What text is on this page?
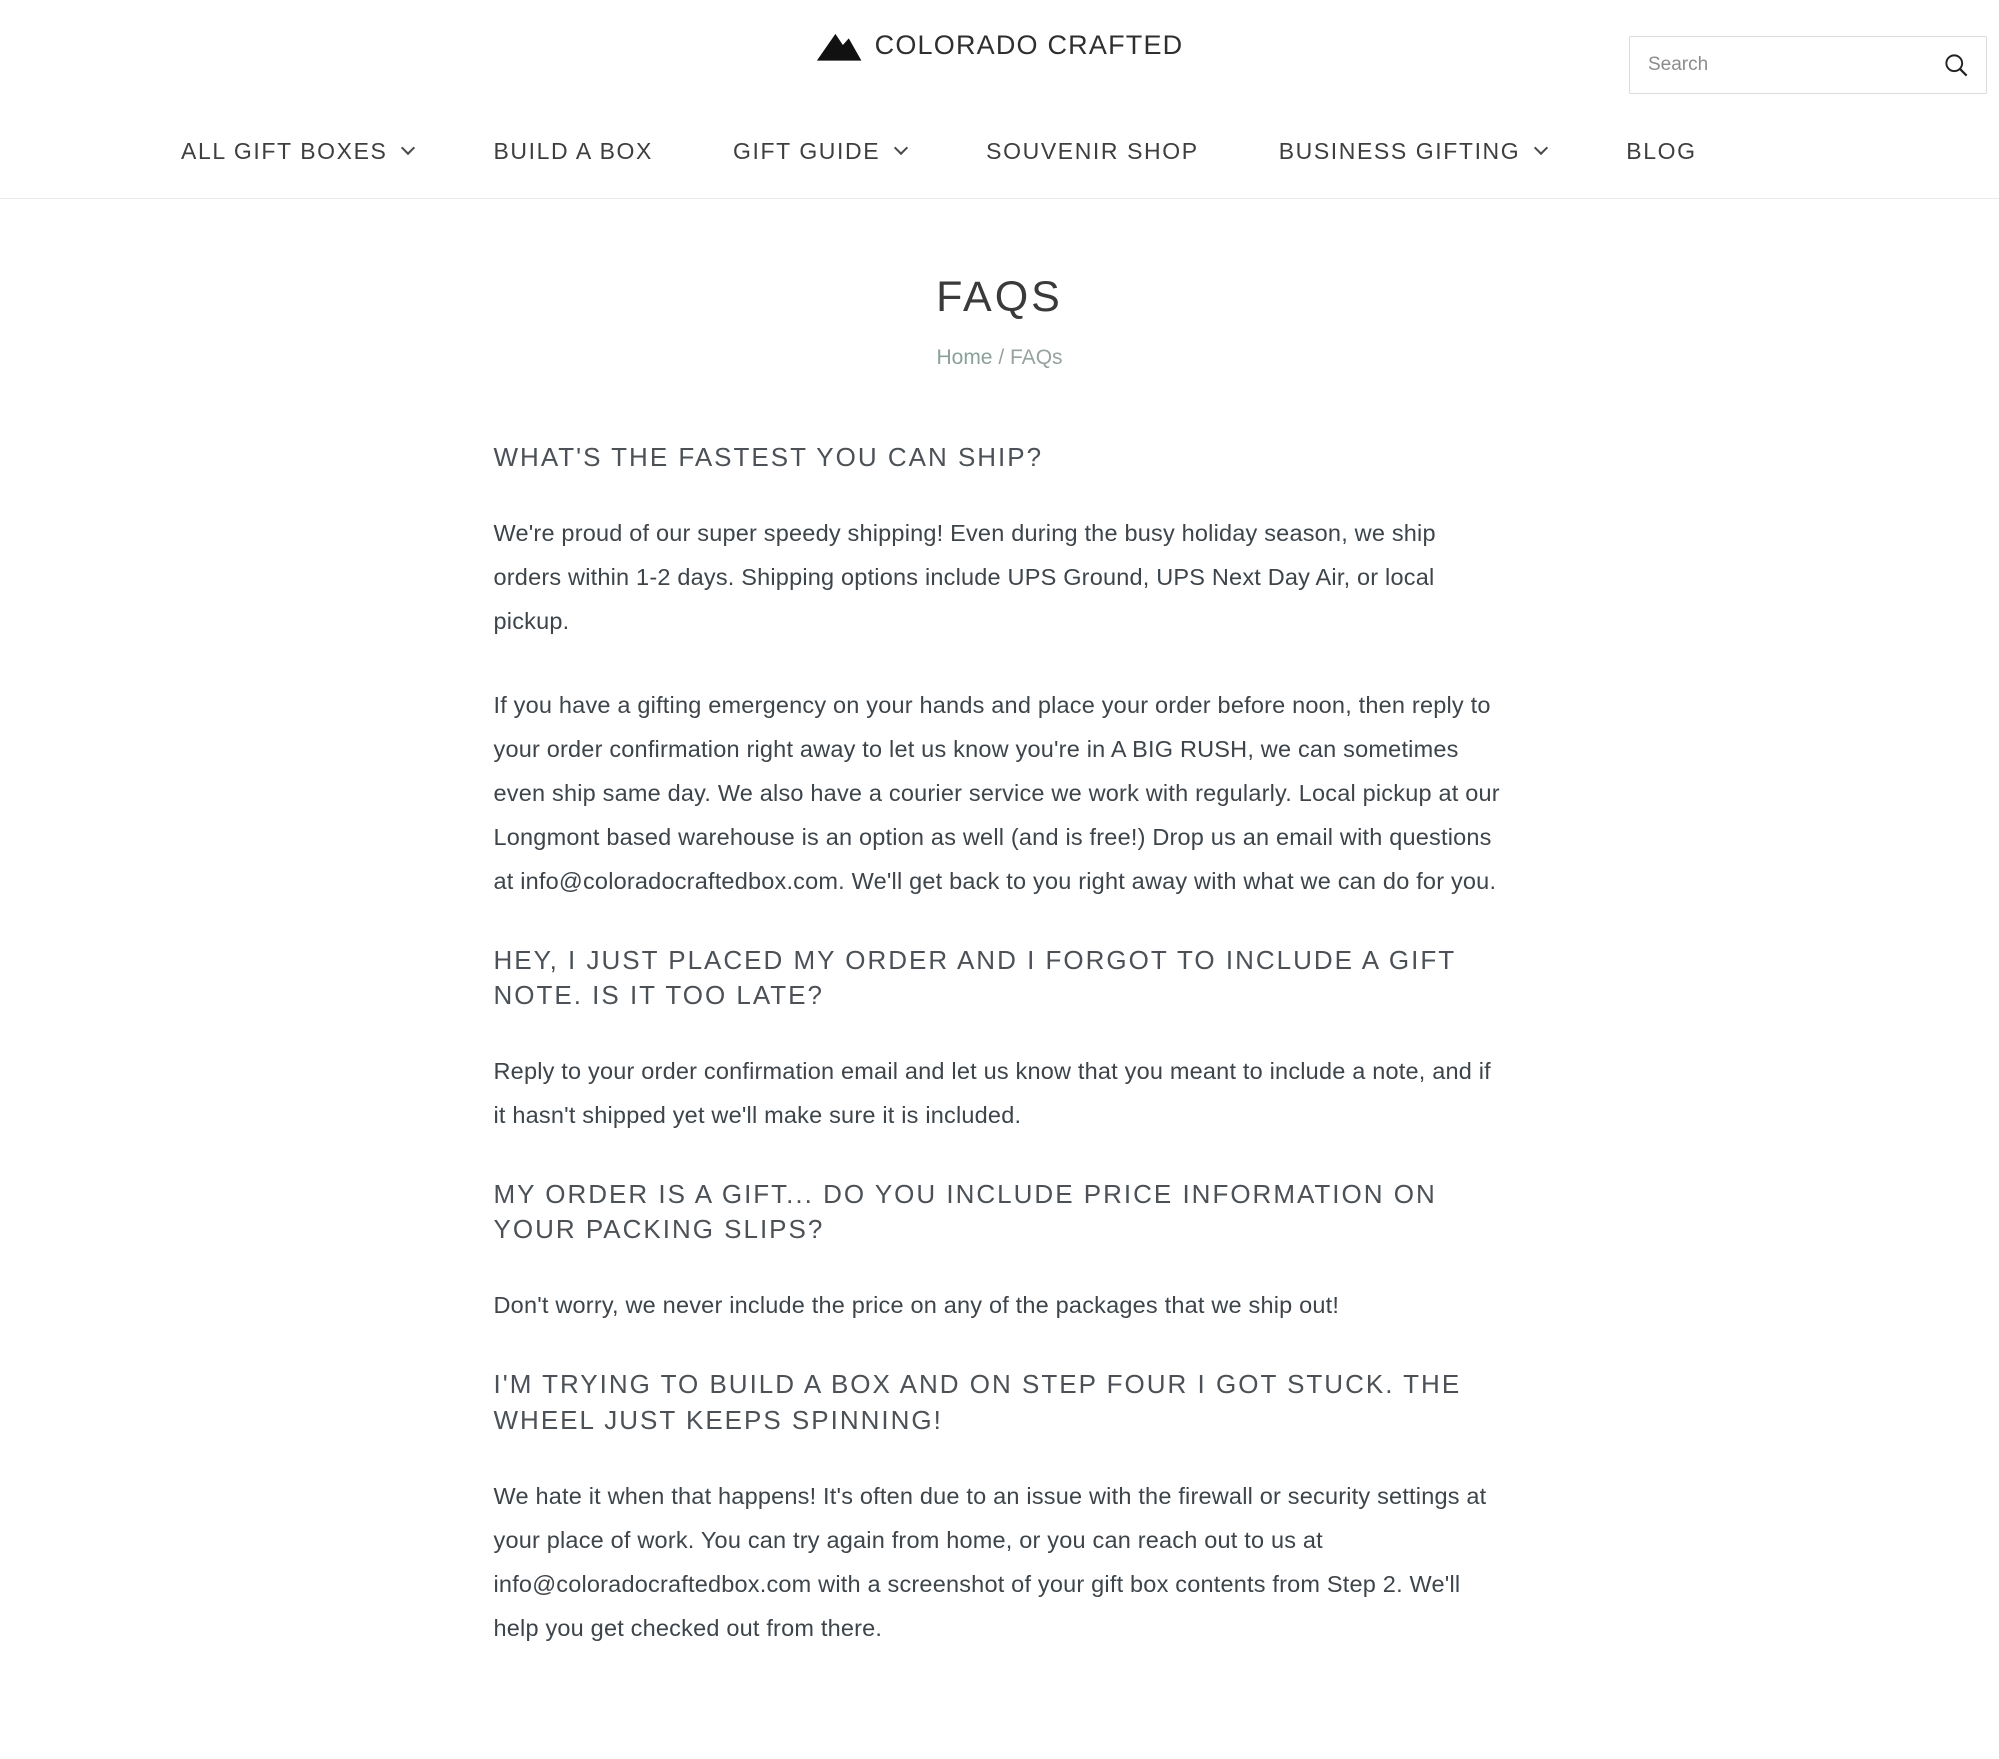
COLORADO CRAFTED
Search
ALL GIFT BOXES	BUILD A BOX	GIFT GUIDE	SOUVENIR SHOP	BUSINESS GIFTING	BLOG
FAQS
Home / FAQs
WHAT'S THE FASTEST YOU CAN SHIP?

We're proud of our super speedy shipping! Even during the busy holiday season, we ship orders within 1-2 days. Shipping options include UPS Ground, UPS Next Day Air, or local pickup.

If you have a gifting emergency on your hands and place your order before noon, then reply to your order confirmation right away to let us know you're in A BIG RUSH, we can sometimes even ship same day. We also have a courier service we work with regularly. Local pickup at our Longmont based warehouse is an option as well (and is free!) Drop us an email with questions at info@coloradocraftedbox.com. We'll get back to you right away with what we can do for you.

HEY, I JUST PLACED MY ORDER AND I FORGOT TO INCLUDE A GIFT NOTE. IS IT TOO LATE?

Reply to your order confirmation email and let us know that you meant to include a note, and if it hasn't shipped yet we'll make sure it is included.

MY ORDER IS A GIFT... DO YOU INCLUDE PRICE INFORMATION ON YOUR PACKING SLIPS?

Don't worry, we never include the price on any of the packages that we ship out!

I'M TRYING TO BUILD A BOX AND ON STEP FOUR I GOT STUCK. THE WHEEL JUST KEEPS SPINNING!

We hate it when that happens! It's often due to an issue with the firewall or security settings at your place of work. You can try again from home, or you can reach out to us at info@coloradocraftedbox.com with a screenshot of your gift box contents from Step 2. We'll help you get checked out from there.
